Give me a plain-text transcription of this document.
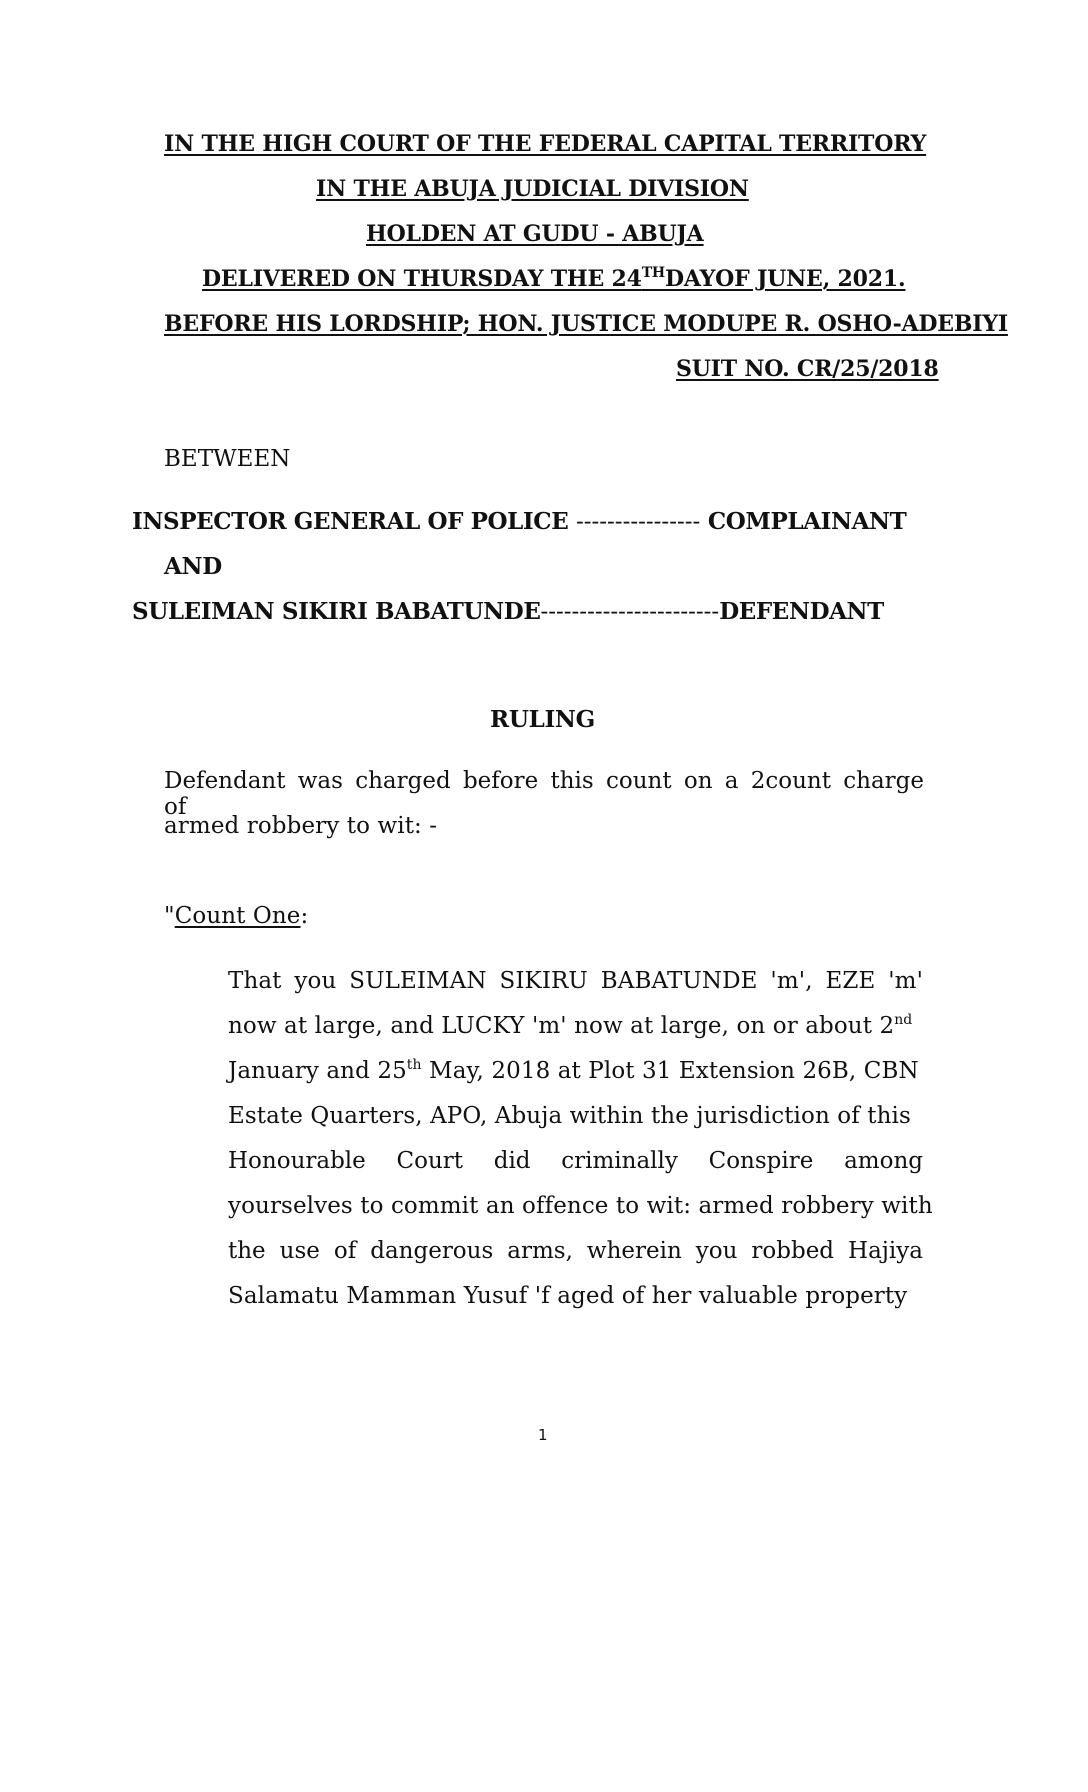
IN THE HIGH COURT OF THE FEDERAL CAPITAL TERRITORY
IN THE ABUJA JUDICIAL DIVISION
HOLDEN AT GUDU - ABUJA
DELIVERED ON THURSDAY THE 24THDAYOF JUNE, 2021.
BEFORE HIS LORDSHIP; HON. JUSTICE MODUPE R. OSHO-ADEBIYI
SUIT NO. CR/25/2018
BETWEEN
INSPECTOR GENERAL OF POLICE ---------------- COMPLAINANT
AND
SULEIMAN SIKIRI BABATUNDE-----------------------DEFENDANT
RULING
Defendant was charged before this count on a 2count charge of
armed robbery to wit: -
"Count One:
That you SULEIMAN SIKIRU BABATUNDE 'm', EZE 'm'
now at large, and LUCKY 'm' now at large, on or about 2nd
January and 25th May, 2018 at Plot 31 Extension 26B, CBN
Estate Quarters, APO, Abuja within the jurisdiction of this
Honourable Court did criminally Conspire among
yourselves to commit an offence to wit: armed robbery with
the use of dangerous arms, wherein you robbed Hajiya
Salamatu Mamman Yusuf 'f aged of her valuable property
1
